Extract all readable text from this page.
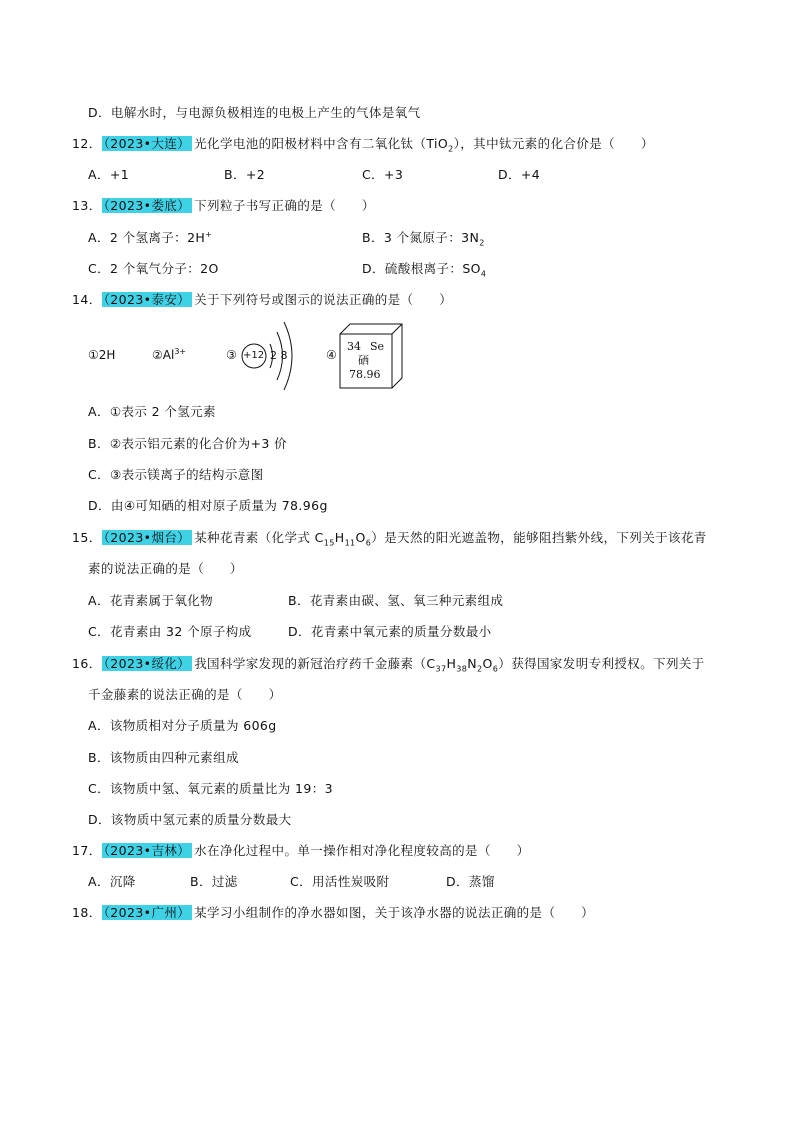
D．电解水时，与电源负极相连的电极上产生的气体是氧气
12． （2023•大连） 光化学电池的阳极材料中含有二氧化钛（TiO$_2$），其中钛元素的化合价是（　　）
A．+1	B．+2	C．+3	D．+4
13． （2023•娄底） 下列粒子书写正确的是（　　）
A．2 个氢离子：2H+	B．3 个氮原子：$3N_2$
C．2 个氧气分子：2O	D．硫酸根离子：$SO_4$
14． （2023•泰安） 关于下列符号或图示的说法正确的是（　　）
①2H	$②Al^{3+}$	③ +12 2 8	④
34 Se
硒
78.96
A．①表示 2 个氢元素
B．②表示铝元素的化合价为+3 价
C．③表示镁离子的结构示意图
D．由④可知硒的相对原子质量为 78.96g
15． （2023•烟台） 某种花青素（化学式 $C_{15}H_{11}O_6$）是天然的阳光遮盖物，能够阻挡紫外线，下列关于该花青
素的说法正确的是（　　）
A．花青素属于氧化物	B．花青素由碳、氢、氧三种元素组成
C．花青素由 32 个原子构成	D．花青素中氧元素的质量分数最小
16． （2023•绥化） 我国科学家发现的新冠治疗药千金藤素$(C_{37}H_{38}N_2O_6)$获得国家发明专利授权。下列关于
千金藤素的说法正确的是（　　）
A．该物质相对分子质量为 606g
B．该物质由四种元素组成
C．该物质中氢、氧元素的质量比为 19：3
D．该物质中氢元素的质量分数最大
17． （2023•吉林） 水在净化过程中。单一操作相对净化程度较高的是（　　）
A．沉降	B．过滤	C．用活性炭吸附	D．蒸馏
18． （2023•广州） 某学习小组制作的净水器如图，关于该净水器的说法正确的是（　　）
